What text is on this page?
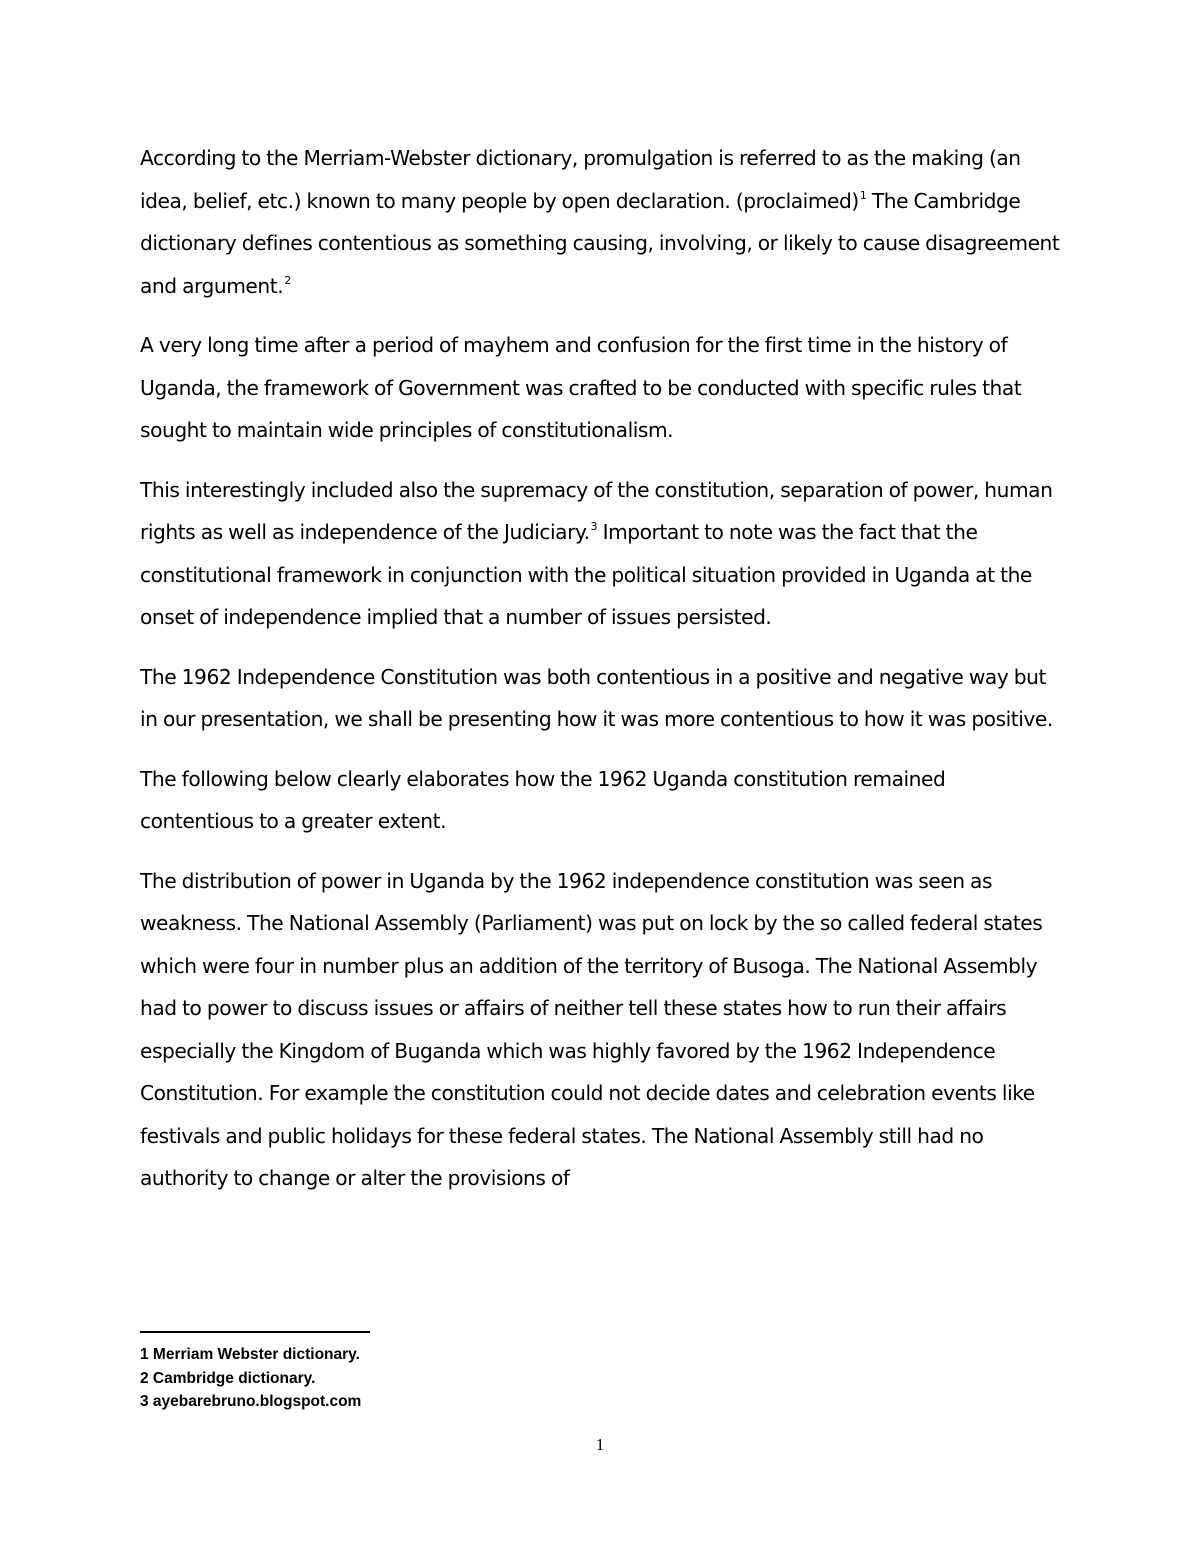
According to the Merriam-Webster dictionary, promulgation is referred to as the making (an idea, belief, etc.) known to many people by open declaration. (proclaimed)$^1$ The Cambridge dictionary defines contentious as something causing, involving, or likely to cause disagreement and argument.$^2$

A very long time after a period of mayhem and confusion for the first time in the history of Uganda, the framework of Government was crafted to be conducted with specific rules that sought to maintain wide principles of constitutionalism.

This interestingly included also the supremacy of the constitution, separation of power, human rights as well as independence of the Judiciary.$^3$ Important to note was the fact that the constitutional framework in conjunction with the political situation provided in Uganda at the onset of independence implied that a number of issues persisted.

The 1962 Independence Constitution was both contentious in a positive and negative way but in our presentation, we shall be presenting how it was more contentious to how it was positive.

The following below clearly elaborates how the 1962 Uganda constitution remained contentious to a greater extent.

The distribution of power in Uganda by the 1962 independence constitution was seen as weakness. The National Assembly (Parliament) was put on lock by the so called federal states which were four in number plus an addition of the territory of Busoga. The National Assembly had to power to discuss issues or affairs of neither tell these states how to run their affairs especially the Kingdom of Buganda which was highly favored by the 1962 Independence Constitution. For example the constitution could not decide dates and celebration events like festivals and public holidays for these federal states. The National Assembly still had no authority to change or alter the provisions of

1 Merriam Webster dictionary.
2 Cambridge dictionary.
3 ayebarebruno.blogspot.com
1
